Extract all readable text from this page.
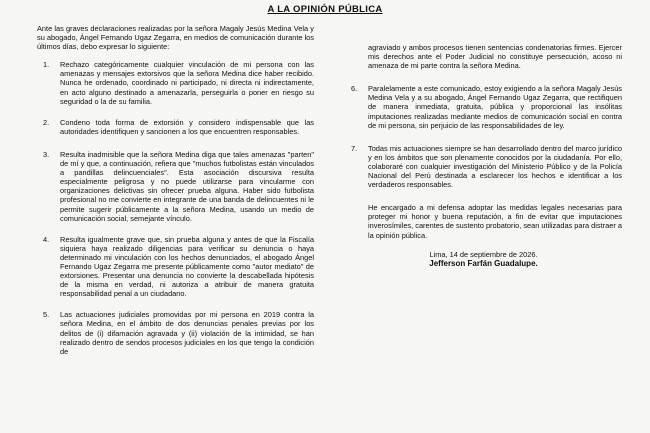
A LA OPINIÓN PÚBLICA

Ante las graves declaraciones realizadas por la señora Magaly Jesús Medina Vela y su abogado, Ángel Fernando Ugaz Zegarra, en medios de comunicación durante los últimos días, debo expresar lo siguiente:

1. Rechazo categóricamente cualquier vinculación de mi persona con las amenazas y mensajes extorsivos que la señora Medina dice haber recibido. Nunca he ordenado, coordinado ni participado, ni directa ni indirectamente, en acto alguno destinado a amenazarla, perseguirla o poner en riesgo su seguridad o la de su familia.
2. Condeno toda forma de extorsión y considero indispensable que las autoridades identifiquen y sancionen a los que encuentren responsables.
3. Resulta inadmisible que la señora Medina diga que tales amenazas "parten" de mí y que, a continuación, refiera que "muchos futbolistas están vinculados a pandillas delincuenciales". Esta asociación discursiva resulta especialmente peligrosa y no puede utilizarse para vincularme con organizaciones delictivas sin ofrecer prueba alguna. Haber sido futbolista profesional no me convierte en integrante de una banda de delincuentes ni le permite sugerir públicamente a la señora Medina, usando un medio de comunicación social, semejante vínculo.
4. Resulta igualmente grave que, sin prueba alguna y antes de que la Fiscalía siquiera haya realizado diligencias para verificar su denuncia o haya determinado mi vinculación con los hechos denunciados, el abogado Ángel Fernando Ugaz Zegarra me presente públicamente como "autor mediato" de extorsiones. Presentar una denuncia no convierte la descabellada hipótesis de la misma en verdad, ni autoriza a atribuir de manera gratuita responsabilidad penal a un ciudadano.
5. Las actuaciones judiciales promovidas por mi persona en 2019 contra la señora Medina, en el ámbito de dos denuncias penales previas por los delitos de (i) difamación agravada y (ii) violación de la intimidad, se han realizado dentro de sendos procesos judiciales en los que tengo la condición de
agraviado y ambos procesos tienen sentencias condenatorias firmes. Ejercer mis derechos ante el Poder Judicial no constituye persecución, acoso ni amenaza de mi parte contra la señora Medina.
6. Paralelamente a este comunicado, estoy exigiendo a la señora Magaly Jesús Medina Vela y a su abogado, Ángel Fernando Ugaz Zegarra, que rectifiquen de manera inmediata, gratuita, pública y proporcional las insólitas imputaciones realizadas mediante medios de comunicación social en contra de mi persona, sin perjuicio de las responsabilidades de ley.
7. Todas mis actuaciones siempre se han desarrollado dentro del marco jurídico y en los ámbitos que son plenamente conocidos por la ciudadanía. Por ello, colaboraré con cualquier investigación del Ministerio Público y de la Policía Nacional del Perú destinada a esclarecer los hechos e identificar a los verdaderos responsables.
He encargado a mi defensa adoptar las medidas legales necesarias para proteger mi honor y buena reputación, a fin de evitar que imputaciones inverosímiles, carentes de sustento probatorio, sean utilizadas para distraer a la opinión pública.

Lima, 14 de septiembre de 2026.

Jefferson Farfán Guadalupe.
